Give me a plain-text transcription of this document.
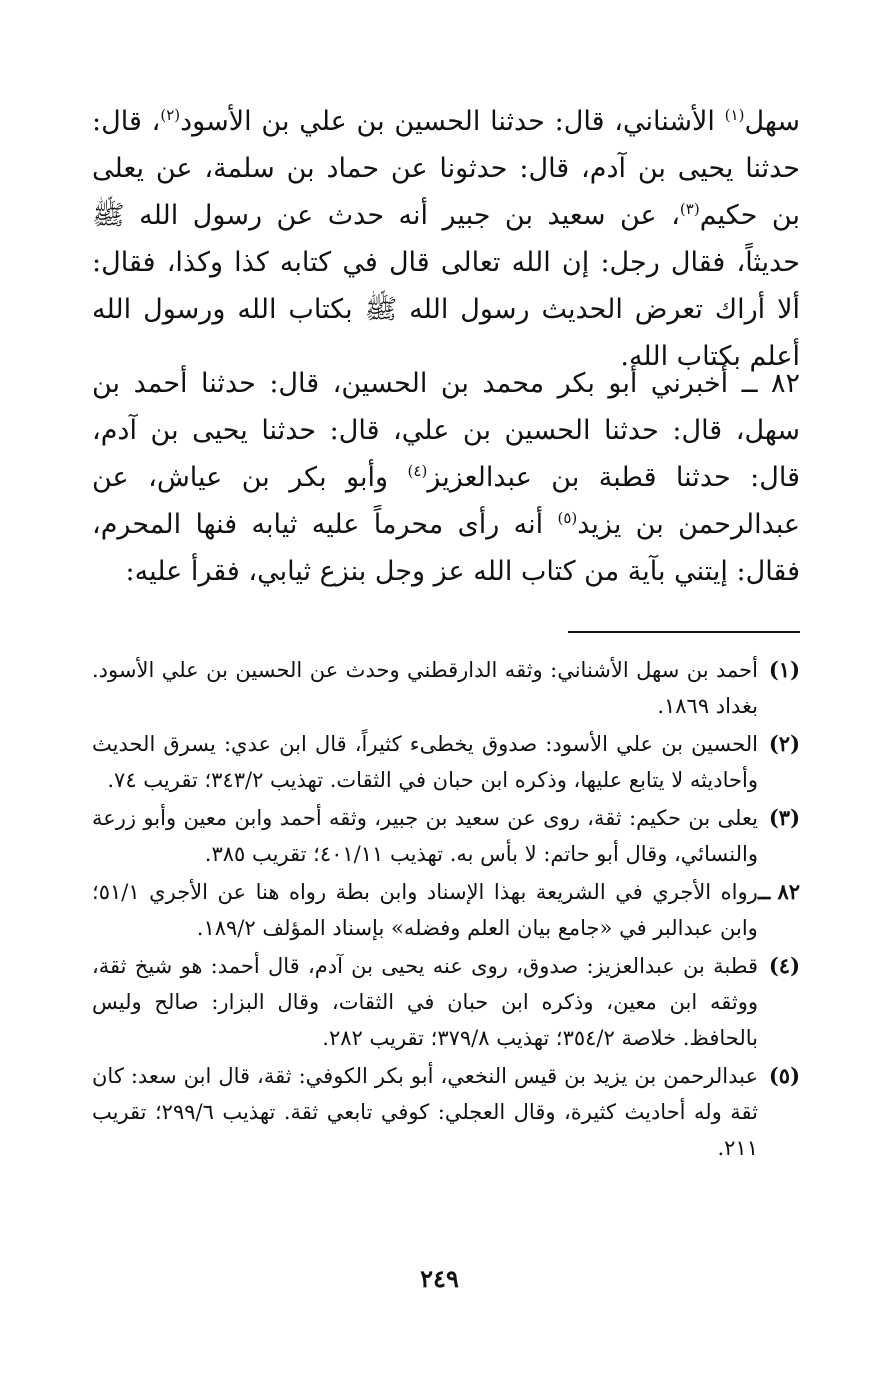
سهل$^{(١)}$ الأشناني، قال: حدثنا الحسين بن علي بن الأسود$^{(٢)}$، قال: حدثنا يحيى بن آدم، قال: حدثونا عن حماد بن سلمة، عن يعلى بن حكيم$^{(٣)}$، عن سعيد بن جبير أنه حدث عن رسول الله ﷺ حديثاً، فقال رجل: إن الله تعالى قال في كتابه كذا وكذا، فقال: ألا أراك تعرض الحديث رسول الله ﷺ بكتاب الله ورسول الله أعلم بكتاب الله.

٨٢ ــ أخبرني أبو بكر محمد بن الحسين، قال: حدثنا أحمد بن سهل، قال: حدثنا الحسين بن علي، قال: حدثنا يحيى بن آدم، قال: حدثنا قطبة بن عبدالعزيز$^{(٤)}$ وأبو بكر بن عياش، عن عبدالرحمن بن يزيد$^{(٥)}$ أنه رأى محرماً عليه ثيابه فنها المحرم، فقال: إيتني بآية من كتاب الله عز وجل بنزع ثيابي، فقرأ عليه:

(١)
أحمد بن سهل الأشناني: وثقه الدارقطني وحدث عن الحسين بن علي الأسود. بغداد ١٨٦٩.
(٢)
الحسين بن علي الأسود: صدوق يخطىء كثيراً، قال ابن عدي: يسرق الحديث وأحاديثه لا يتابع عليها، وذكره ابن حبان في الثقات. تهذيب ٣٤٣/٢؛ تقريب ٧٤.
(٣)
يعلى بن حكيم: ثقة، روى عن سعيد بن جبير، وثقه أحمد وابن معين وأبو زرعة والنسائي، وقال أبو حاتم: لا بأس به. تهذيب ٤٠١/١١؛ تقريب ٣٨٥.
٨٢ ــ
رواه الأجري في الشريعة بهذا الإسناد وابن بطة رواه هنا عن الأجري ٥١/١؛ وابن عبدالبر في «جامع بيان العلم وفضله» بإسناد المؤلف ١٨٩/٢.
(٤)
قطبة بن عبدالعزيز: صدوق، روى عنه يحيى بن آدم، قال أحمد: هو شيخ ثقة، ووثقه ابن معين، وذكره ابن حبان في الثقات، وقال البزار: صالح وليس بالحافظ. خلاصة ٣٥٤/٢؛ تهذيب ٣٧٩/٨؛ تقريب ٢٨٢.
(٥)
عبدالرحمن بن يزيد بن قيس النخعي، أبو بكر الكوفي: ثقة، قال ابن سعد: كان ثقة وله أحاديث كثيرة، وقال العجلي: كوفي تابعي ثقة. تهذيب ٢٩٩/٦؛ تقريب ٢١١.
٢٤٩
